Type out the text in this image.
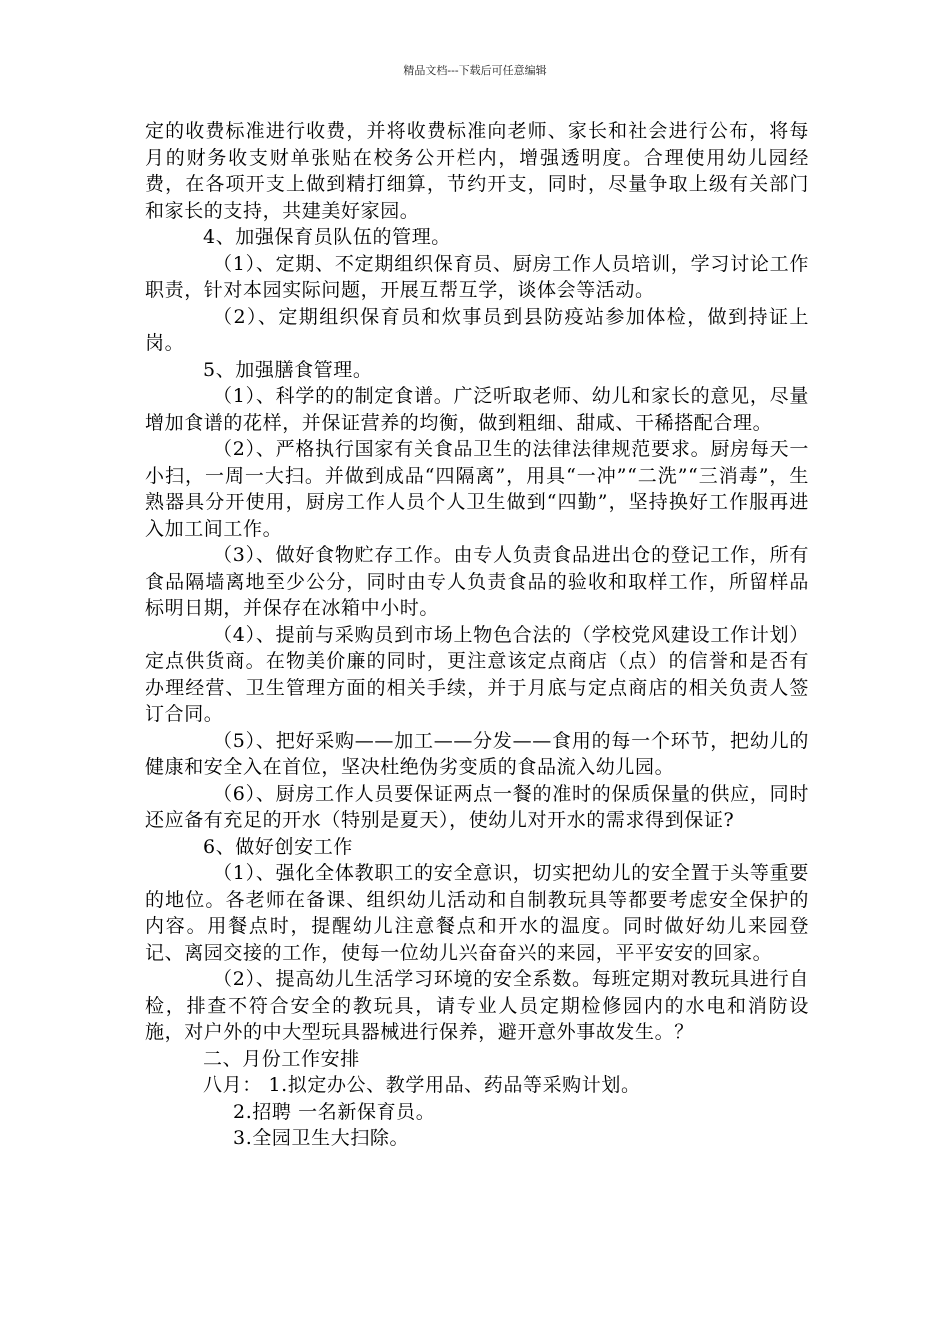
精品文档---下载后可任意编辑

定的收费标准进行收费，并将收费标准向老师、家长和社会进行公布，将每月的财务收支财单张贴在校务公开栏内，增强透明度。合理使用幼儿园经费，在各项开支上做到精打细算，节约开支，同时，尽量争取上级有关部门和家长的支持，共建美好家园。

4、加强保育员队伍的管理。

（1）、定期、不定期组织保育员、厨房工作人员培训，学习讨论工作职责，针对本园实际问题，开展互帮互学，谈体会等活动。

（2）、定期组织保育员和炊事员到县防疫站参加体检，做到持证上岗。

5、加强膳食管理。

（1）、科学的的制定食谱。广泛听取老师、幼儿和家长的意见，尽量增加食谱的花样，并保证营养的均衡，做到粗细、甜咸、干稀搭配合理。

（2）、严格执行国家有关食品卫生的法律法律规范要求。厨房每天一小扫，一周一大扫。并做到成品“四隔离”，用具“一冲”“二洗”“三消毒”，生熟器具分开使用，厨房工作人员个人卫生做到“四勤”，坚持换好工作服再进入加工间工作。

（3）、做好食物贮存工作。由专人负责食品进出仓的登记工作，所有食品隔墙离地至少公分，同时由专人负责食品的验收和取样工作，所留样品标明日期，并保存在冰箱中小时。

（4）、提前与采购员到市场上物色合法的（学校党风建设工作计划）定点供货商。在物美价廉的同时，更注意该定点商店（点）的信誉和是否有办理经营、卫生管理方面的相关手续，并于月底与定点商店的相关负责人签订合同。

（5）、把好采购——加工——分发——食用的每一个环节，把幼儿的健康和安全入在首位，坚决杜绝伪劣变质的食品流入幼儿园。

（6）、厨房工作人员要保证两点一餐的准时的保质保量的供应，同时还应备有充足的开水（特别是夏天），使幼儿对开水的需求得到保证?

6、做好创安工作

（1）、强化全体教职工的安全意识，切实把幼儿的安全置于头等重要的地位。各老师在备课、组织幼儿活动和自制教玩具等都要考虑安全保护的内容。用餐点时，提醒幼儿注意餐点和开水的温度。同时做好幼儿来园登记、离园交接的工作，使每一位幼儿兴奋奋兴的来园，平平安安的回家。

（2）、提高幼儿生活学习环境的安全系数。每班定期对教玩具进行自检，排查不符合安全的教玩具，请专业人员定期检修园内的水电和消防设施，对户外的中大型玩具器械进行保养，避开意外事故发生。？

二、月份工作安排

八月： 1.拟定办公、教学用品、药品等采购计划。

2.招聘 一名新保育员。

3.全园卫生大扫除。
